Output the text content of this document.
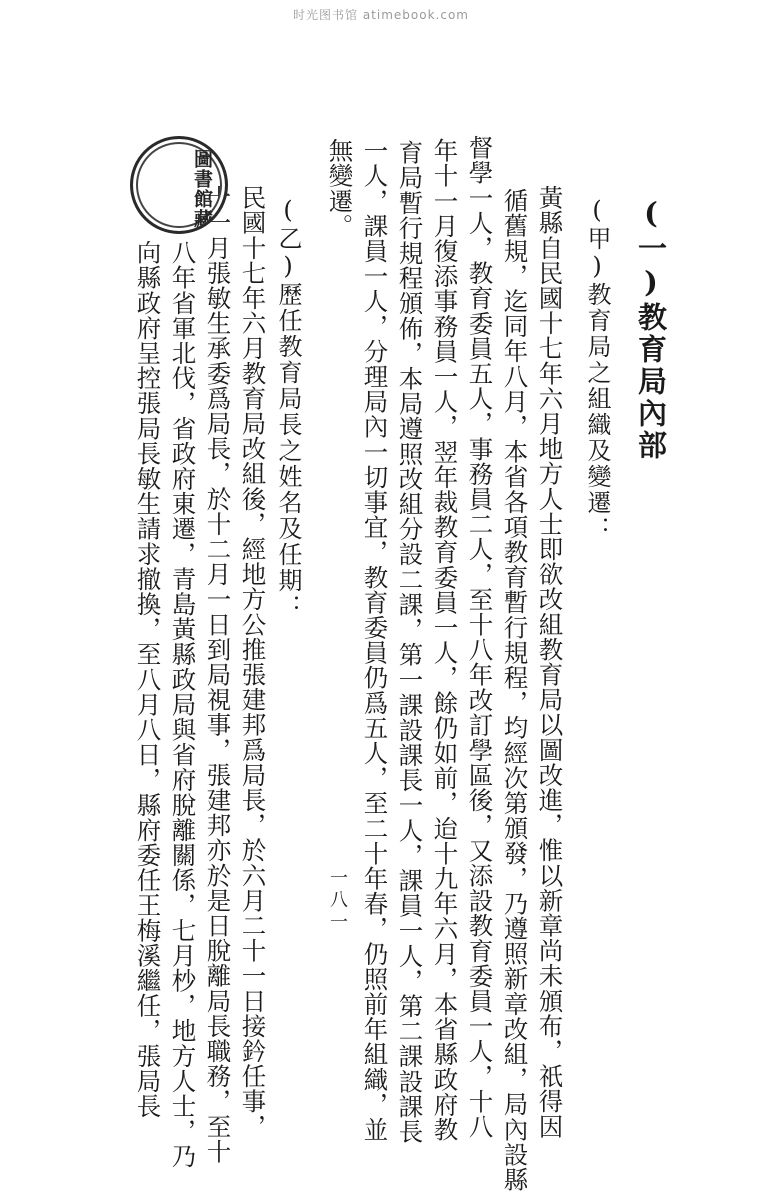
时光图书馆 atimebook.com
(一)教育局內部
(甲)教育局之組織及變遷：
黃縣自民國十七年六月地方人士即欲改組教育局以圖改進，惟以新章尚未頒布，祇得因
循舊規，迄同年八月，本省各項教育暫行規程，均經次第頒發，乃遵照新章改組，局內設縣
督學一人，教育委員五人，事務員二人，至十八年改訂學區後，又添設教育委員一人，十八
年十一月復添事務員一人，翌年裁教育委員一人，餘仍如前，迨十九年六月，本省縣政府教
育局暫行規程頒佈，本局遵照改組分設二課，第一課設課長一人，課員一人，第二課設課長
一人，課員一人，分理局內一切事宜，教育委員仍爲五人，至二十年春，仍照前年組織，並
無變遷。
(乙)歷任教育局長之姓名及任期：
民國十七年六月教育局改組後，經地方公推張建邦爲局長，於六月二十一日接鈐任事，
十一月張敏生承委爲局長，於十二月一日到局視事，張建邦亦於是日脫離局長職務，至十
八年省軍北伐，省政府東遷，青島黃縣政局與省府脫離關係，七月杪，地方人士，乃
向縣政府呈控張局長敏生請求撤換，至八月八日，縣府委任王梅溪繼任，張局長
圖書館藏
一八一
